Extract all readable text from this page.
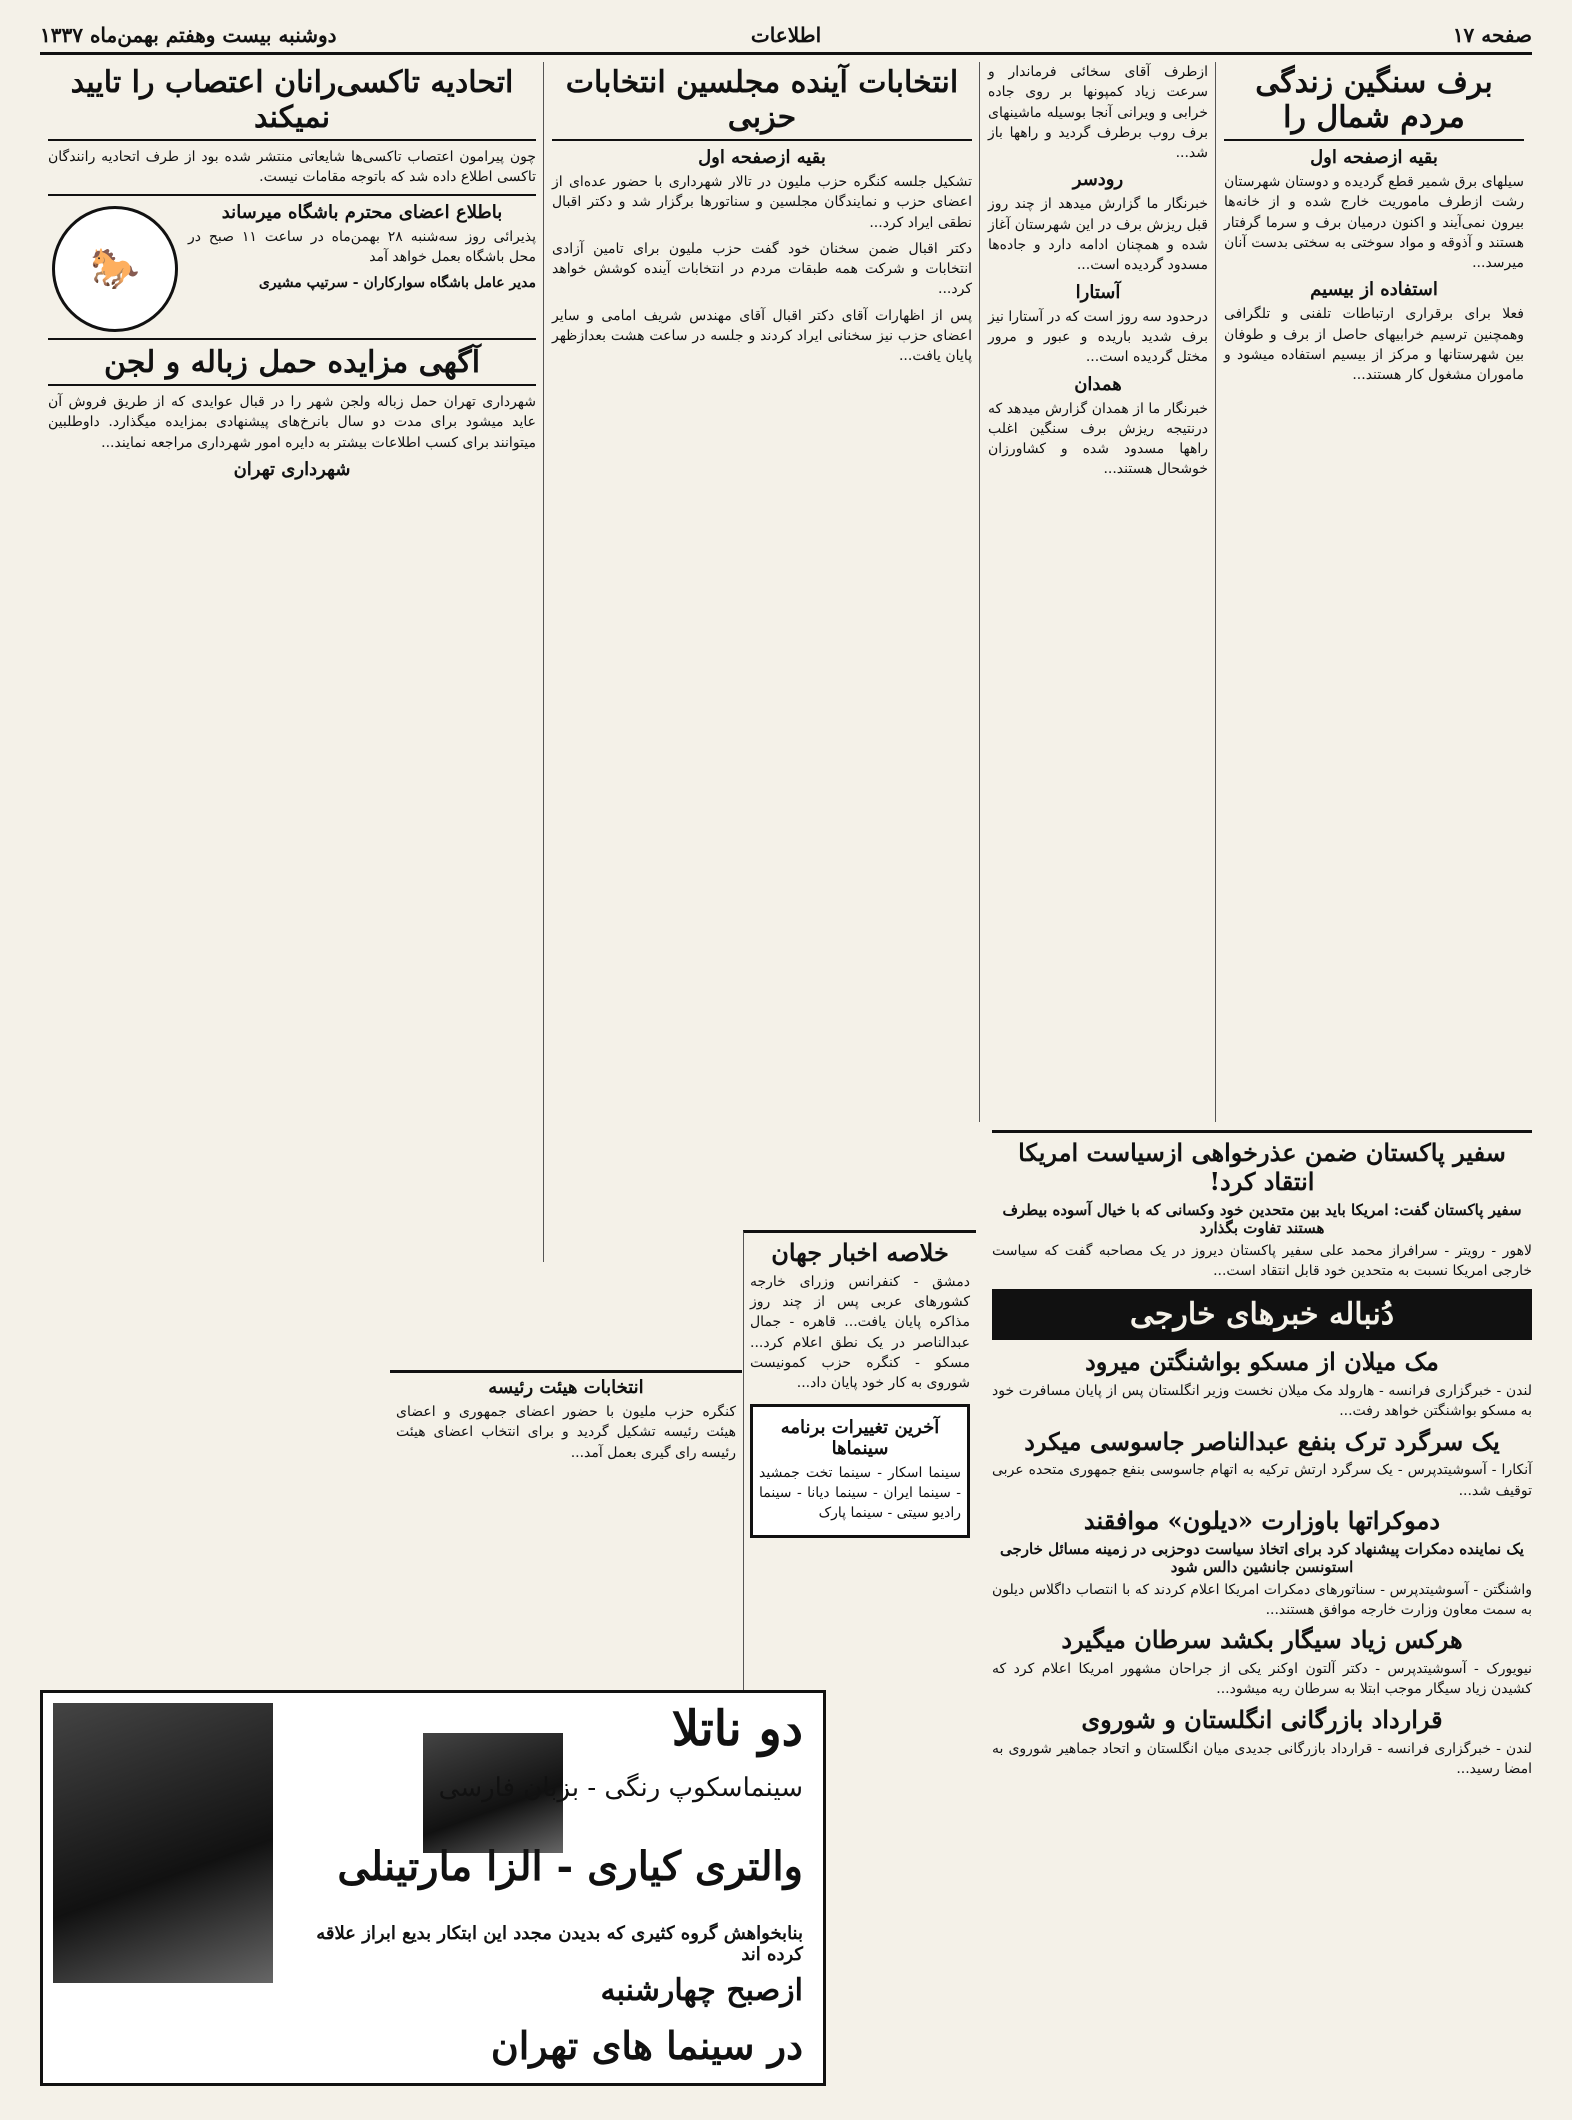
صفحه ۱۷
اطلاعات
دوشنبه بیست وهفتم بهمن‌ماه ۱۳۳۷
برف سنگین زندگی مردم شمال را
بقیه ازصفحه اول

سیلهای برق شمیر قطع گردیده و دوستان شهرستان رشت ازطرف ماموریت خارج شده و از خانه‌ها بیرون نمی‌آیند و اکنون درمیان برف و سرما گرفتار هستند و آذوقه و مواد سوختی به سختی بدست آنان میرسد...

استفاده از بیسیم

فعلا برای برقراری ارتباطات تلفنی و تلگرافی وهمچنین ترسیم خرابیهای حاصل از برف و طوفان بین شهرستانها و مرکز از بیسیم استفاده میشود و ماموران مشغول کار هستند...

ازطرف آقای سخائی فرماندار و سرعت زیاد کمپونها بر روی جاده خرابی و ویرانی آنجا بوسیله ماشینهای برف روب برطرف گردید و راهها باز شد...

رودسر

خبرنگار ما گزارش میدهد از چند روز قبل ریزش برف در این شهرستان آغاز شده و همچنان ادامه دارد و جاده‌ها مسدود گردیده است...

آستارا

درحدود سه روز است که در آستارا نیز برف شدید باریده و عبور و مرور مختل گردیده است...

همدان

خبرنگار ما از همدان گزارش میدهد که درنتیجه ریزش برف سنگین اغلب راهها مسدود شده و کشاورزان خوشحال هستند...

انتخابات آینده مجلسین انتخابات حزبی
بقیه ازصفحه اول

تشکیل جلسه کنگره حزب ملیون در تالار شهرداری با حضور عده‌ای از اعضای حزب و نمایندگان مجلسین و سناتورها برگزار شد و دکتر اقبال نطقی ایراد کرد...

دکتر اقبال ضمن سخنان خود گفت حزب ملیون برای تامین آزادی انتخابات و شرکت همه طبقات مردم در انتخابات آینده کوشش خواهد کرد...

پس از اظهارات آقای دکتر اقبال آقای مهندس شریف امامی و سایر اعضای حزب نیز سخنانی ایراد کردند و جلسه در ساعت هشت بعدازظهر پایان یافت...

اتحادیه تاکسی‌رانان اعتصاب را تایید نمیکند

چون پیرامون اعتصاب تاکسی‌ها شایعاتی منتشر شده بود از طرف اتحادیه رانندگان تاکسی اطلاع داده شد که باتوجه مقامات نیست.

🐎
باطلاع اعضای محترم باشگاه میرساند

پذیرائی روز سه‌شنبه ۲۸ بهمن‌ماه در ساعت ۱۱ صبح در محل باشگاه بعمل خواهد آمد

مدیر عامل باشگاه سوارکاران - سرتیپ مشیری

آگهی مزایده حمل زباله و لجن

شهرداری تهران حمل زباله ولجن شهر را در قبال عوایدی که از طریق فروش آن عاید میشود برای مدت دو سال بانرخ‌های پیشنهادی بمزایده میگذارد. داوطلبین میتوانند برای کسب اطلاعات بیشتر به دایره امور شهرداری مراجعه نمایند...

شهرداری تهران
سفیر پاکستان ضمن عذرخواهی ازسیاست امریکا انتقاد کرد!
سفیر پاکستان گفت: امریکا باید بین متحدین خود وکسانی که با خیال آسوده بیطرف هستند تفاوت بگذارد

لاهور - رویتر - سرافراز محمد علی سفیر پاکستان دیروز در یک مصاحبه گفت که سیاست خارجی امریکا نسبت به متحدین خود قابل انتقاد است...

دُنباله خبرهای خارجی
مک میلان از مسکو بواشنگتن میرود

لندن - خبرگزاری فرانسه - هارولد مک میلان نخست وزیر انگلستان پس از پایان مسافرت خود به مسکو بواشنگتن خواهد رفت...

یک سرگرد ترک بنفع عبدالناصر جاسوسی میکرد

آنکارا - آسوشیتدپرس - یک سرگرد ارتش ترکیه به اتهام جاسوسی بنفع جمهوری متحده عربی توقیف شد...

دموکراتها باوزارت «دیلون» موافقند
یک نماینده دمکرات پیشنهاد کرد برای اتخاذ سیاست دوحزبی در زمینه مسائل خارجی استونسن جانشین دالس شود

واشنگتن - آسوشیتدپرس - سناتورهای دمکرات امریکا اعلام کردند که با انتصاب داگلاس دیلون به سمت معاون وزارت خارجه موافق هستند...

هرکس زیاد سیگار بکشد سرطان میگیرد

نیویورک - آسوشیتدپرس - دکتر آلتون اوکنر یکی از جراحان مشهور امریکا اعلام کرد که کشیدن زیاد سیگار موجب ابتلا به سرطان ریه میشود...

قرارداد بازرگانی انگلستان و شوروی

لندن - خبرگزاری فرانسه - قرارداد بازرگانی جدیدی میان انگلستان و اتحاد جماهیر شوروی به امضا رسید...

خلاصه اخبار جهان

دمشق - کنفرانس وزرای خارجه کشورهای عربی پس از چند روز مذاکره پایان یافت... قاهره - جمال عبدالناصر در یک نطق اعلام کرد... مسکو - کنگره حزب کمونیست شوروی به کار خود پایان داد...

آخرین تغییرات برنامه سینماها

سینما اسکار - سینما تخت جمشید - سینما ایران - سینما دیانا - سینما رادیو سیتی - سینما پارک

انتخابات هیئت رئیسه

کنگره حزب ملیون با حضور اعضای جمهوری و اعضای هیئت رئیسه تشکیل گردید و برای انتخاب اعضای هیئت رئیسه رای گیری بعمل آمد...

دو ناتلا
سینماسکوپ رنگی - بزبان فارسی
والتری کیاری - الزا مارتینلی
بنابخواهش گروه کثیری که بدیدن مجدد این ابتکار بدیع ابراز علاقه کرده اند
ازصبح چهارشنبه
در سینما های تهران
